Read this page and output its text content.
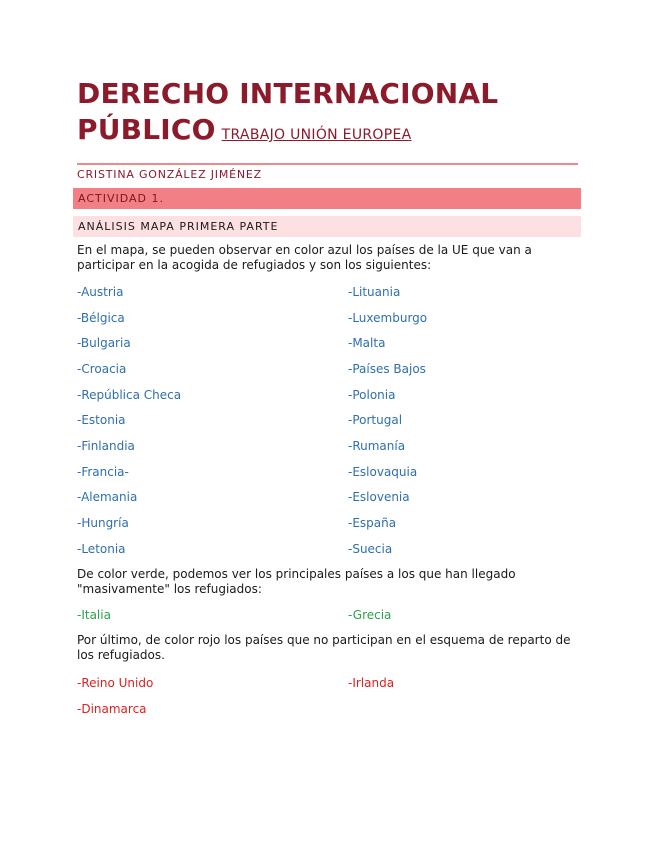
DERECHO INTERNACIONAL
PÚBLICO TRABAJO UNIÓN EUROPEA
CRISTINA GONZÁLEZ JIMÉNEZ
ACTIVIDAD 1.
ANÁLISIS MAPA PRIMERA PARTE

En el mapa, se pueden observar en color azul los países de la UE que van a participar en la acogida de refugiados y son los siguientes:

-Austria
-Bélgica
-Bulgaria
-Croacia
-República Checa
-Estonia
-Finlandia
-Francia-
-Alemania
-Hungría
-Letonia
-Lituania
-Luxemburgo
-Malta
-Países Bajos
-Polonia
-Portugal
-Rumanía
-Eslovaquia
-Eslovenia
-España
-Suecia

De color verde, podemos ver los principales países a los que han llegado "masivamente" los refugiados:

-Italia	-Grecia

Por último, de color rojo los países que no participan en el esquema de reparto de los refugiados.

-Reino Unido	-Irlanda
-Dinamarca
